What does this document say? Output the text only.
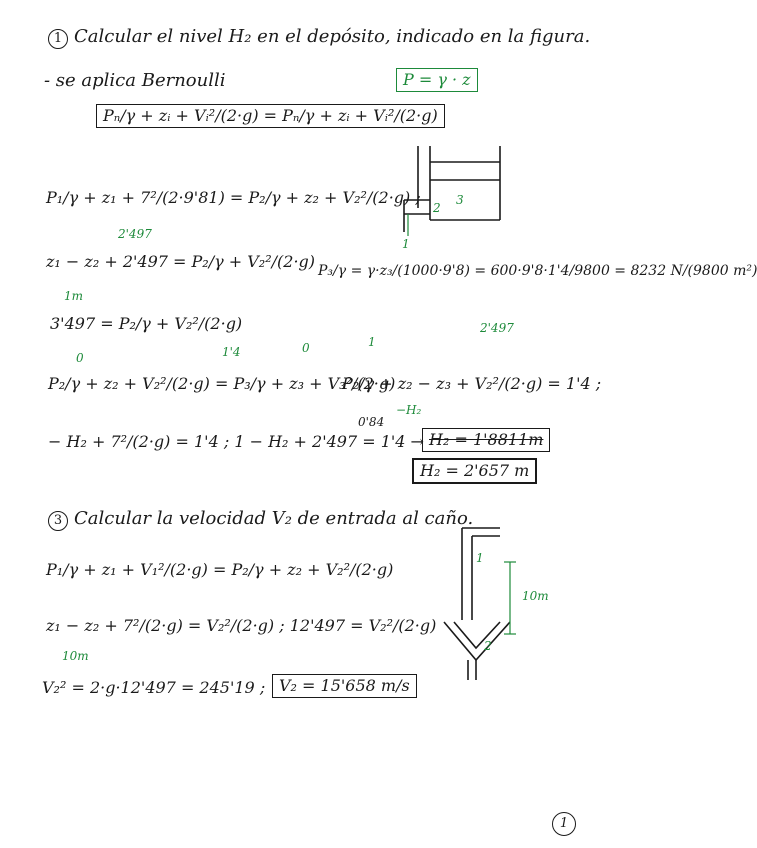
1 Calcular el nivel H₂ en el depósito, indicado en la figura.
- se aplica Bernoulli	P = γ · z
Pₙ/γ + zᵢ + Vᵢ²/(2·g) = Pₙ/γ + zᵢ + Vᵢ²/(2·g)
P₁/γ + z₁ + 7²/(2·9'81) = P₂/γ + z₂ + V₂²/(2·g) ;
2'497
z₁ − z₂ + 2'497 = P₂/γ + V₂²/(2·g)
1m
P₃/γ = γ·z₃/(1000·9'8) = 600·9'8·1'4/9800 = 8232 N/(9800 m²)
3'497 = P₂/γ + V₂²/(2·g)	2'497
0	1'4	0	1
P₂/γ + z₂ + V₂²/(2·g) = P₃/γ + z₃ + V₃²/(2·g)
P₂/γ + z₂ − z₃ + V₂²/(2·g) = 1'4 ;
−H₂
0'84
− H₂ + 7²/(2·g) = 1'4 ; 1 − H₂ + 2'497 = 1'4 → H₂ = 1'8811m
H₂ = 2'657 m
2
3
1
3 Calcular la velocidad V₂ de entrada al caño.
P₁/γ + z₁ + V₁²/(2·g) = P₂/γ + z₂ + V₂²/(2·g)
z₁ − z₂ + 7²/(2·g) = V₂²/(2·g) ; 12'497 = V₂²/(2·g)
10m
V₂² = 2·g·12'497 = 245'19 ; V₂ = 15'658 m/s
1
2
10m
1
